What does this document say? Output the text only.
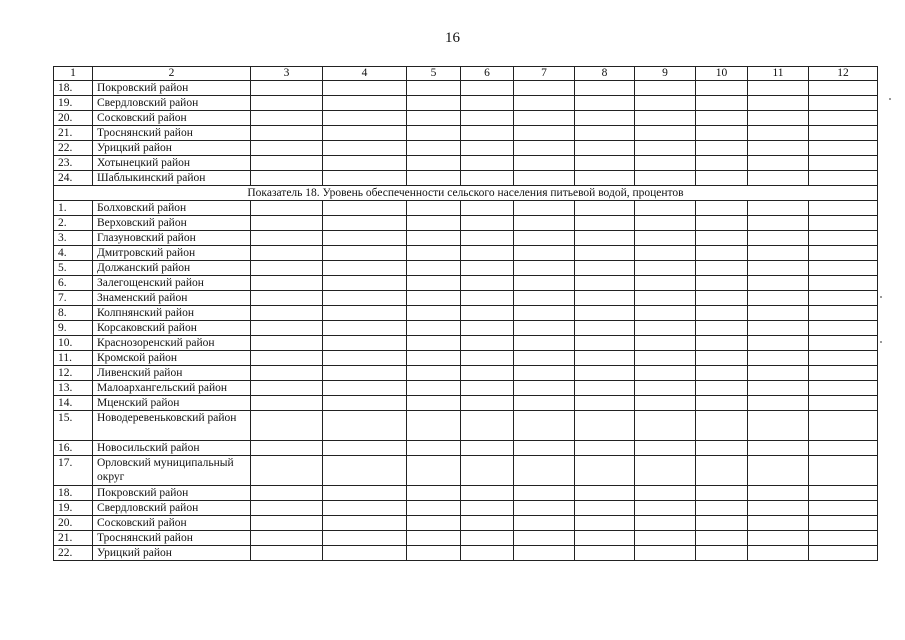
16
1	2	3	4	5	6	7	8	9	10	11	12
18.	Покровский район										
19.	Свердловский район										
20.	Сосковский район										
21.	Троснянский район										
22.	Урицкий район										
23.	Хотынецкий район										
24.	Шаблыкинский район										
Показатель 18. Уровень обеспеченности сельского населения питьевой водой, процентов											
1.	Болховский район										
2.	Верховский район										
3.	Глазуновский район										
4.	Дмитровский район										
5.	Должанский район										
6.	Залегощенский район										
7.	Знаменский район										
8.	Колпнянский район										
9.	Корсаковский район										
10.	Краснозоренский район										
11.	Кромской район										
12.	Ливенский район										
13.	Малоархангельский район										
14.	Мценский район										
15.	Новодеревеньковский район										
16.	Новосильский район										
17.	Орловский муниципальный округ										
18.	Покровский район										
19.	Свердловский район										
20.	Сосковский район										
21.	Троснянский район										
22.	Урицкий район										
